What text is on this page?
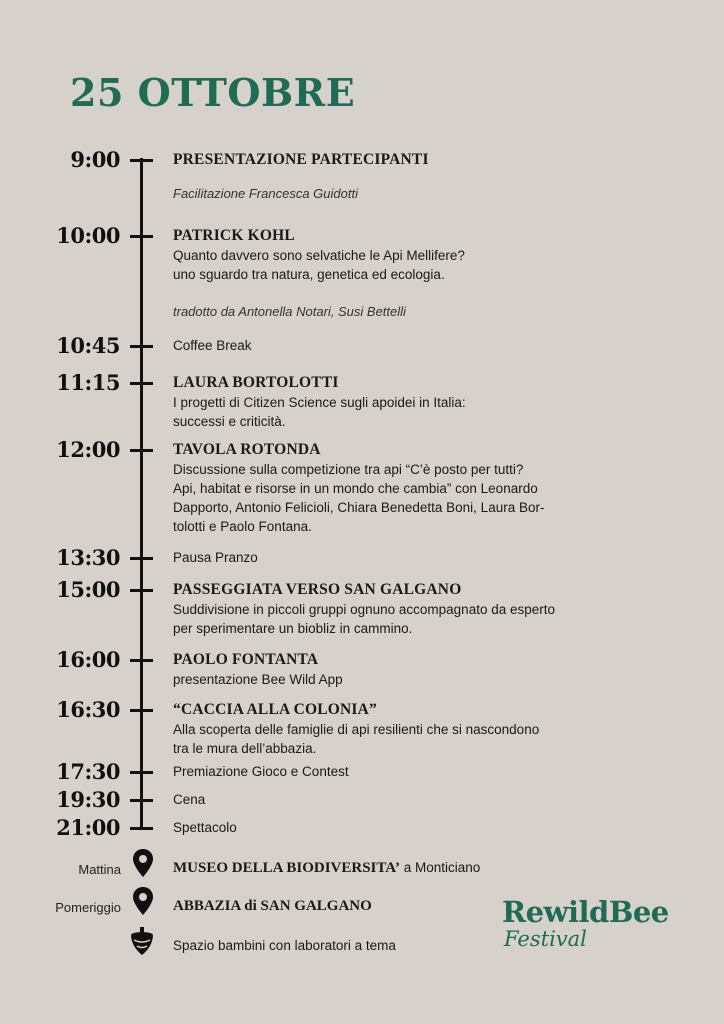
25 OTTOBRE
9:00	PRESENTAZIONE PARTECIPANTI
Facilitazione Francesca Guidotti
10:00	PATRICK KOHL
Quanto davvero sono selvatiche le Api Mellifere?
uno sguardo tra natura, genetica ed ecologia.
tradotto da Antonella Notari, Susi Bettelli
10:45	Coffee Break
11:15	LAURA BORTOLOTTI
I progetti di Citizen Science sugli apoidei in Italia:
successi e criticità.
12:00	TAVOLA ROTONDA
Discussione sulla competizione tra api “C’è posto per tutti?
Api, habitat e risorse in un mondo che cambia” con Leonardo
Dapporto, Antonio Felicioli, Chiara Benedetta Boni, Laura Bor-
tolotti e Paolo Fontana.
13:30	Pausa Pranzo
15:00	PASSEGGIATA VERSO SAN GALGANO
Suddivisione in piccoli gruppi ognuno accompagnato da esperto
per sperimentare un biobliz in cammino.
16:00	PAOLO FONTANTA
presentazione Bee Wild App
16:30	“CACCIA ALLA COLONIA”
Alla scoperta delle famiglie di api resilienti che si nascondono
tra le mura dell’abbazia.
17:30	Premiazione Gioco e Contest
19:30	Cena
21:00	Spettacolo
Mattina	MUSEO DELLA BIODIVERSITA’ a Monticiano
Pomeriggio	ABBAZIA di SAN GALGANO
Spazio bambini con laboratori a tema
RewildBee
Festival
